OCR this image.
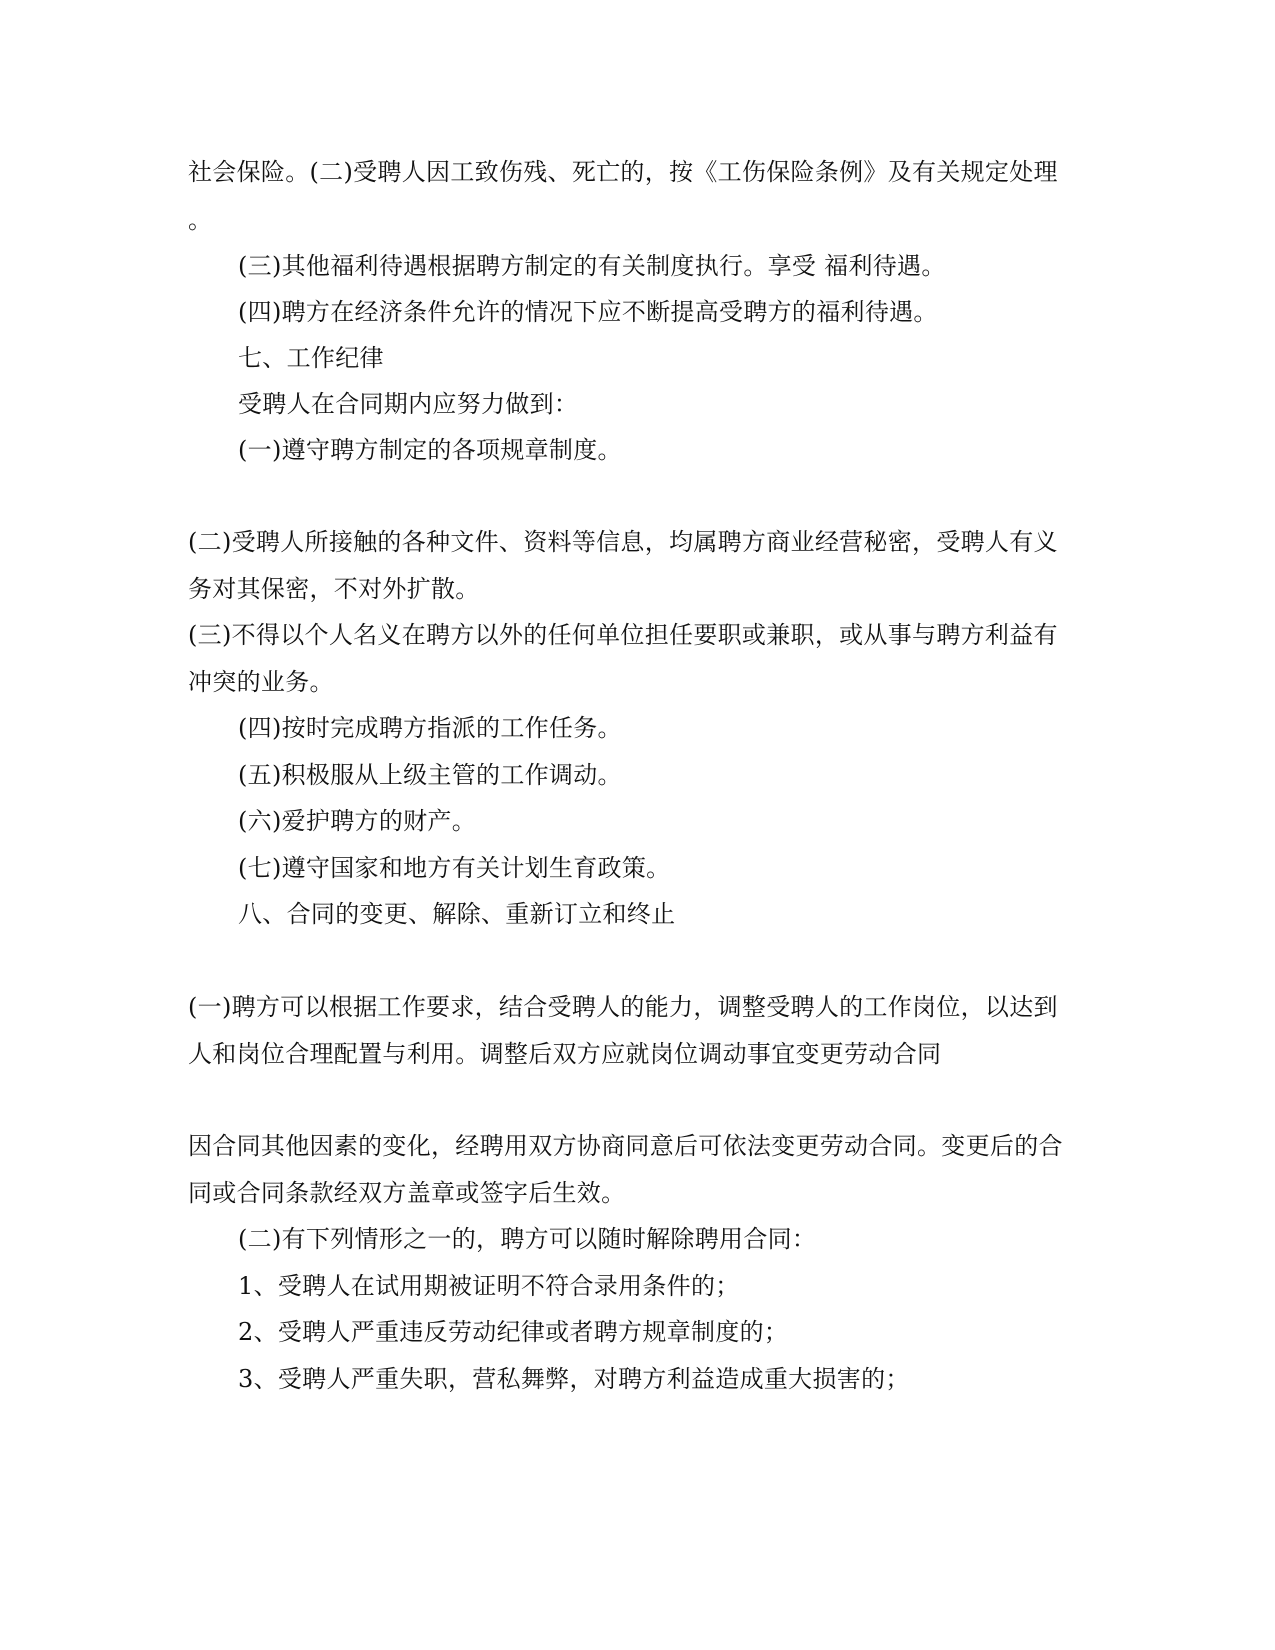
社会保险。(二)受聘人因工致伤残、死亡的，按《工伤保险条例》及有关规定处理
。
(三)其他福利待遇根据聘方制定的有关制度执行。享受 福利待遇。
(四)聘方在经济条件允许的情况下应不断提高受聘方的福利待遇。
七、工作纪律
受聘人在合同期内应努力做到：
(一)遵守聘方制定的各项规章制度。
(二)受聘人所接触的各种文件、资料等信息，均属聘方商业经营秘密，受聘人有义
务对其保密，不对外扩散。
(三)不得以个人名义在聘方以外的任何单位担任要职或兼职，或从事与聘方利益有
冲突的业务。
(四)按时完成聘方指派的工作任务。
(五)积极服从上级主管的工作调动。
(六)爱护聘方的财产。
(七)遵守国家和地方有关计划生育政策。
八、合同的变更、解除、重新订立和终止
(一)聘方可以根据工作要求，结合受聘人的能力，调整受聘人的工作岗位，以达到
人和岗位合理配置与利用。调整后双方应就岗位调动事宜变更劳动合同
因合同其他因素的变化，经聘用双方协商同意后可依法变更劳动合同。变更后的合
同或合同条款经双方盖章或签字后生效。
(二)有下列情形之一的，聘方可以随时解除聘用合同：
1、受聘人在试用期被证明不符合录用条件的；
2、受聘人严重违反劳动纪律或者聘方规章制度的；
3、受聘人严重失职，营私舞弊，对聘方利益造成重大损害的；
